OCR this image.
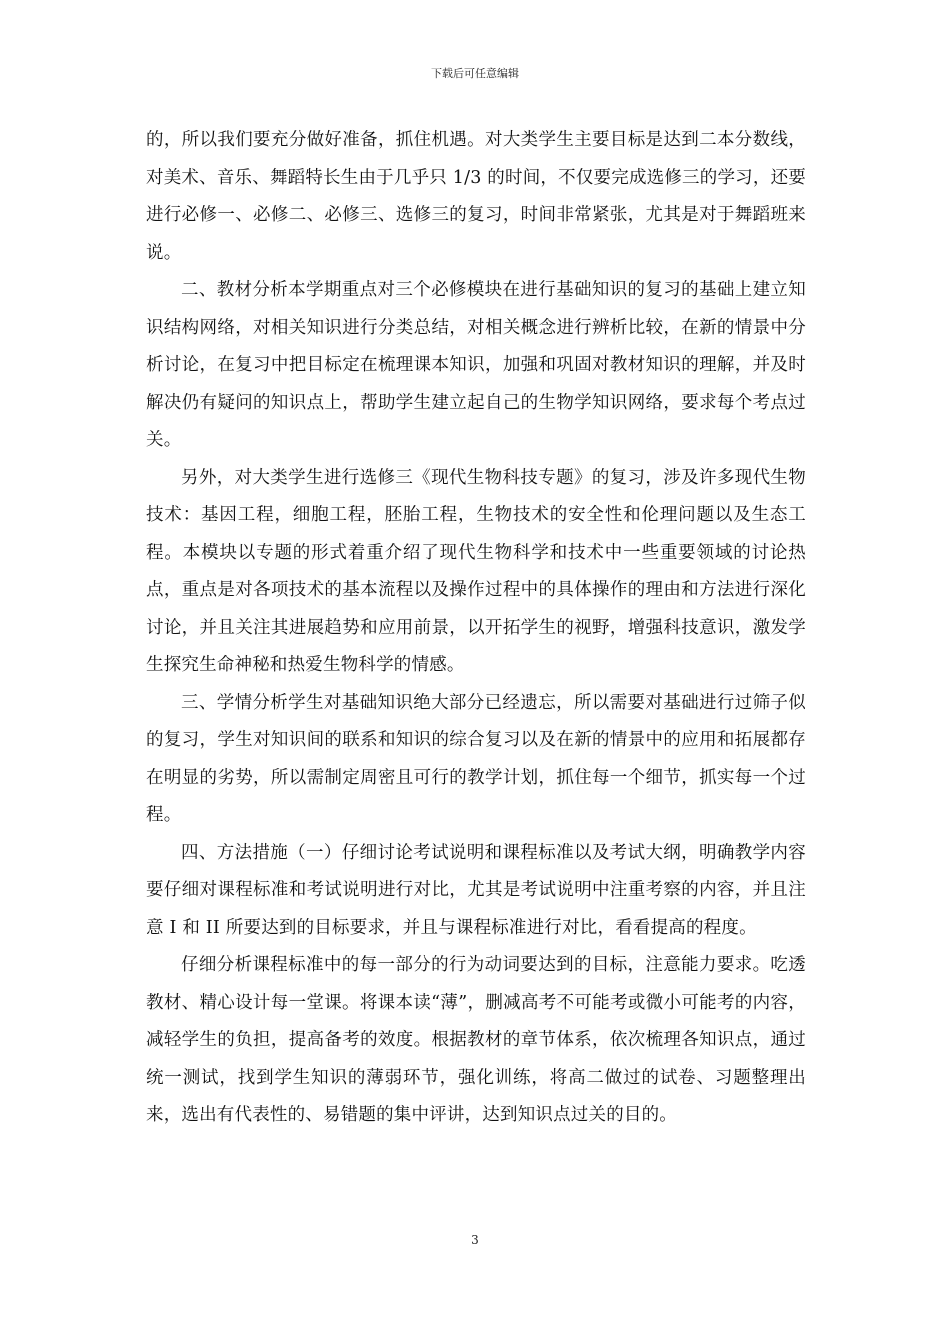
下载后可任意编辑

的，所以我们要充分做好准备，抓住机遇。对大类学生主要目标是达到二本分数线，对美术、音乐、舞蹈特长生由于几乎只 1/3 的时间，不仅要完成选修三的学习，还要进行必修一、必修二、必修三、选修三的复习，时间非常紧张，尤其是对于舞蹈班来说。

二、教材分析本学期重点对三个必修模块在进行基础知识的复习的基础上建立知识结构网络，对相关知识进行分类总结，对相关概念进行辨析比较，在新的情景中分析讨论，在复习中把目标定在梳理课本知识，加强和巩固对教材知识的理解，并及时解决仍有疑问的知识点上，帮助学生建立起自己的生物学知识网络，要求每个考点过关。

另外，对大类学生进行选修三《现代生物科技专题》的复习，涉及许多现代生物技术：基因工程，细胞工程，胚胎工程，生物技术的安全性和伦理问题以及生态工程。本模块以专题的形式着重介绍了现代生物科学和技术中一些重要领域的讨论热点，重点是对各项技术的基本流程以及操作过程中的具体操作的理由和方法进行深化讨论，并且关注其进展趋势和应用前景，以开拓学生的视野，增强科技意识，激发学生探究生命神秘和热爱生物科学的情感。

三、学情分析学生对基础知识绝大部分已经遗忘，所以需要对基础进行过筛子似的复习，学生对知识间的联系和知识的综合复习以及在新的情景中的应用和拓展都存在明显的劣势，所以需制定周密且可行的教学计划，抓住每一个细节，抓实每一个过程。

四、方法措施（一）仔细讨论考试说明和课程标准以及考试大纲，明确教学内容要仔细对课程标准和考试说明进行对比，尤其是考试说明中注重考察的内容，并且注意 I 和 II 所要达到的目标要求，并且与课程标准进行对比，看看提高的程度。

仔细分析课程标准中的每一部分的行为动词要达到的目标，注意能力要求。吃透教材、精心设计每一堂课。将课本读“薄”，删减高考不可能考或微小可能考的内容，减轻学生的负担，提高备考的效度。根据教材的章节体系，依次梳理各知识点，通过统一测试，找到学生知识的薄弱环节，强化训练，将高二做过的试卷、习题整理出来，选出有代表性的、易错题的集中评讲，达到知识点过关的目的。

3
